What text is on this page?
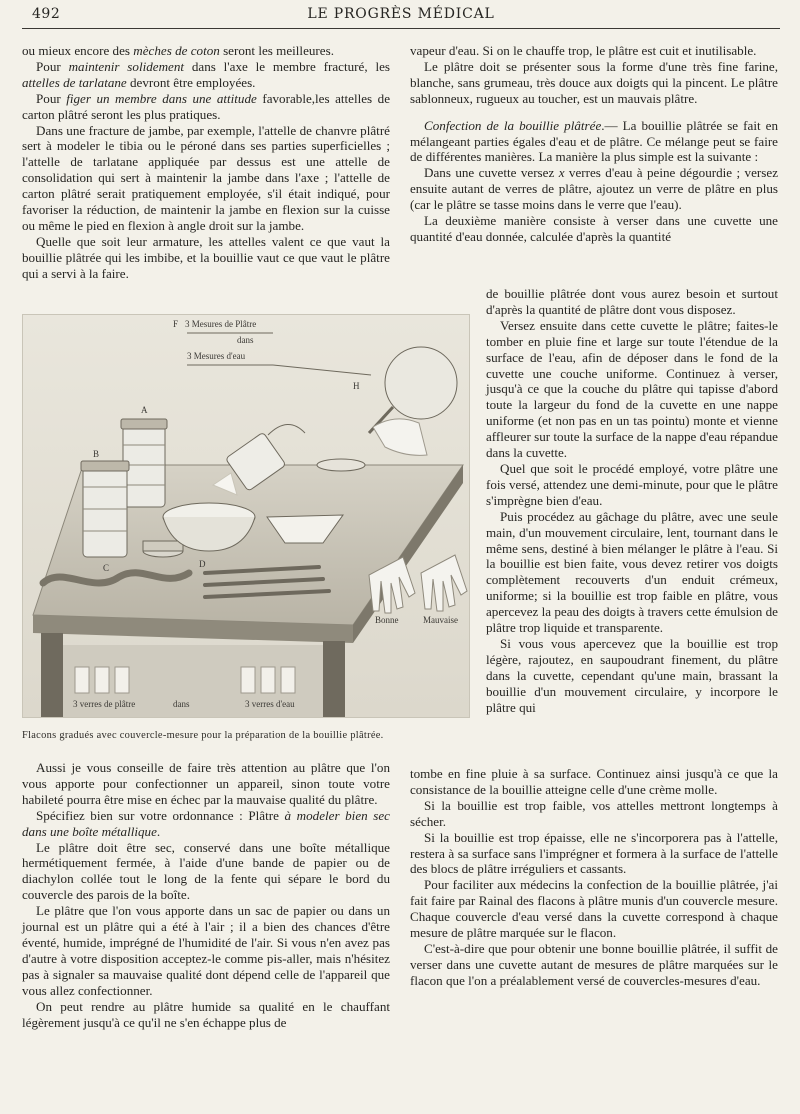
492	LE PROGRÈS MÉDICAL

ou mieux encore des mèches de coton seront les meilleures.

Pour maintenir solidement dans l'axe le membre fracturé, les attelles de tarlatane devront être employées.

Pour figer un membre dans une attitude favorable,les attelles de carton plâtré seront les plus pratiques.

Dans une fracture de jambe, par exemple, l'attelle de chanvre plâtré sert à modeler le tibia ou le péroné dans ses parties superficielles ; l'attelle de tarlatane appliquée par dessus est une attelle de consolidation qui sert à maintenir la jambe dans l'axe ; l'attelle de carton plâtré serait pratiquement employée, s'il était indiqué, pour favoriser la réduction, de maintenir la jambe en flexion sur la cuisse ou même le pied en flexion à angle droit sur la jambe.

Quelle que soit leur armature, les attelles valent ce que vaut la bouillie plâtrée qui les imbibe, et la bouillie vaut ce que vaut le plâtre qui a servi à la faire.

3 verres de plâtre	dans	3 verres d'eau
A
B
H
F 3 Mesures de Plâtre
dans
3 Mesures d'eau
C	D
Bonne	Mauvaise
Flacons gradués avec couvercle-mesure pour la préparation de la bouillie plâtrée.

Aussi je vous conseille de faire très attention au plâtre que l'on vous apporte pour confectionner un appareil, sinon toute votre habileté pourra être mise en échec par la mauvaise qualité du plâtre.

Spécifiez bien sur votre ordonnance : Plâtre à modeler bien sec dans une boîte métallique.

Le plâtre doit être sec, conservé dans une boîte métallique hermétiquement fermée, à l'aide d'une bande de papier ou de diachylon collée tout le long de la fente qui sépare le bord du couvercle des parois de la boîte.

Le plâtre que l'on vous apporte dans un sac de papier ou dans un journal est un plâtre qui a été à l'air ; il a bien des chances d'être éventé, humide, imprégné de l'humidité de l'air. Si vous n'en avez pas d'autre à votre disposition acceptez-le comme pis-aller, mais n'hésitez pas à signaler sa mauvaise qualité dont dépend celle de l'appareil que vous allez confectionner.

On peut rendre au plâtre humide sa qualité en le chauffant légèrement jusqu'à ce qu'il ne s'en échappe plus de

vapeur d'eau. Si on le chauffe trop, le plâtre est cuit et inutilisable.

Le plâtre doit se présenter sous la forme d'une très fine farine, blanche, sans grumeau, très douce aux doigts qui la pincent. Le plâtre sablonneux, rugueux au toucher, est un mauvais plâtre.

Confection de la bouillie plâtrée .— La bouillie plâtrée se fait en mélangeant parties égales d'eau et de plâtre. Ce mélange peut se faire de différentes manières. La manière la plus simple est la suivante :

Dans une cuvette versez x verres d'eau à peine dégourdie ; versez ensuite autant de verres de plâtre, ajoutez un verre de plâtre en plus (car le plâtre se tasse moins dans le verre que l'eau).

La deuxième manière consiste à verser dans une cuvette une quantité d'eau donnée, calculée d'après la quantité

de bouillie plâtrée dont vous aurez besoin et surtout d'après la quantité de plâtre dont vous disposez.

Versez ensuite dans cette cuvette le plâtre; faites-le tomber en pluie fine et large sur toute l'étendue de la surface de l'eau, afin de déposer dans le fond de la cuvette une couche uniforme. Continuez à verser, jusqu'à ce que la couche du plâtre qui tapisse d'abord toute la largeur du fond de la cuvette en une nappe uniforme (et non pas en un tas pointu) monte et vienne affleurer sur toute la surface de la nappe d'eau répandue dans la cuvette.

Quel que soit le procédé employé, votre plâtre une fois versé, attendez une demi-minute, pour que le plâtre s'imprègne bien d'eau.

Puis procédez au gâchage du plâtre, avec une seule main, d'un mouvement circulaire, lent, tournant dans le même sens, destiné à bien mélanger le plâtre à l'eau. Si la bouillie est bien faite, vous devez retirer vos doigts complètement recouverts d'un enduit crémeux, uniforme; si la bouillie est trop faible en plâtre, vous apercevez la peau des doigts à travers cette émulsion de plâtre trop liquide et transparente.

Si vous vous apercevez que la bouillie est trop légère, rajoutez, en saupoudrant finement, du plâtre dans la cuvette, cependant qu'une main, brassant la bouillie d'un mouvement circulaire, y incorpore le plâtre qui

tombe en fine pluie à sa surface. Continuez ainsi jusqu'à ce que la consistance de la bouillie atteigne celle d'une crème molle.

Si la bouillie est trop faible, vos attelles mettront longtemps à sécher.

Si la bouillie est trop épaisse, elle ne s'incorporera pas à l'attelle, restera à sa surface sans l'imprégner et formera à la surface de l'attelle des blocs de plâtre irréguliers et cassants.

Pour faciliter aux médecins la confection de la bouillie plâtrée, j'ai fait faire par Rainal des flacons à plâtre munis d'un couvercle mesure. Chaque couvercle d'eau versé dans la cuvette correspond à chaque mesure de plâtre marquée sur le flacon.

C'est-à-dire que pour obtenir une bonne bouillie plâtrée, il suffit de verser dans une cuvette autant de mesures de plâtre marquées sur le flacon que l'on a préalablement versé de couvercles-mesures d'eau.
